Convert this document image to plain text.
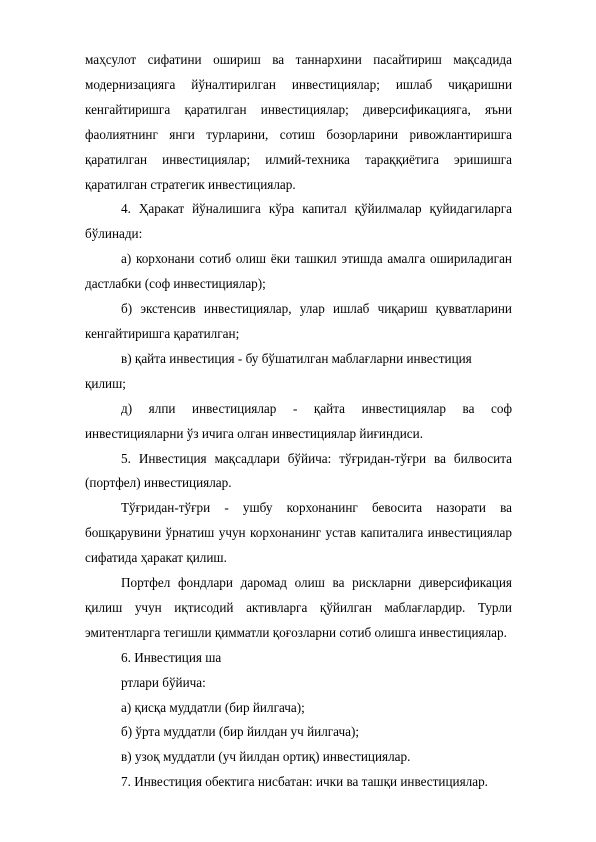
маҳсулот сифатини ошириш ва таннархини пасайтириш мақсадида модернизацияга йўналтирилган инвестициялар; ишлаб чиқаришни кенгайтиришга қаратилган инвестициялар; диверсификацияга, яъни фаолиятнинг янги турларини, сотиш бозорларини ривожлантиришга қаратилган инвестициялар; илмий-техника тараққиётига эришишга қаратилган стратегик инвестициялар.

4. Ҳаракат йўналишига кўра капитал қўйилмалар қуйидагиларга бўлинади:

а) корхонани сотиб олиш ёки ташкил этишда амалга ошириладиган дастлабки (соф инвестициялар);

б) экстенсив инвестициялар, улар ишлаб чиқариш қувватларини кенгайтиришга қаратилган;

в) қайта инвестиция - бу бўшатилган маблағларни инвестиция қилиш;

д) ялпи инвестициялар - қайта инвестициялар ва соф инвестицияларни ўз ичига олган инвестициялар йиғиндиси.

5. Инвестиция мақсадлари бўйича: тўғридан-тўғри ва билвосита (портфел) инвестициялар.

Тўғридан-тўғри - ушбу корхонанинг бевосита назорати ва бошқарувини ўрнатиш учун корхонанинг устав капиталига инвестициялар сифатида ҳаракат қилиш.

Портфел фондлари даромад олиш ва рискларни диверсификация қилиш учун иқтисодий активларга қўйилган маблағлардир. Турли эмитентларга тегишли қимматли қоғозларни сотиб олишга инвестициялар.

6. Инвестиция ша

ртлари бўйича:

а) қисқа муддатли (бир йилгача);

б) ўрта муддатли (бир йилдан уч йилгача);

в) узоқ муддатли (уч йилдан ортиқ) инвестициялар.

7. Инвестиция обектига нисбатан: ички ва ташқи инвестициялар.
